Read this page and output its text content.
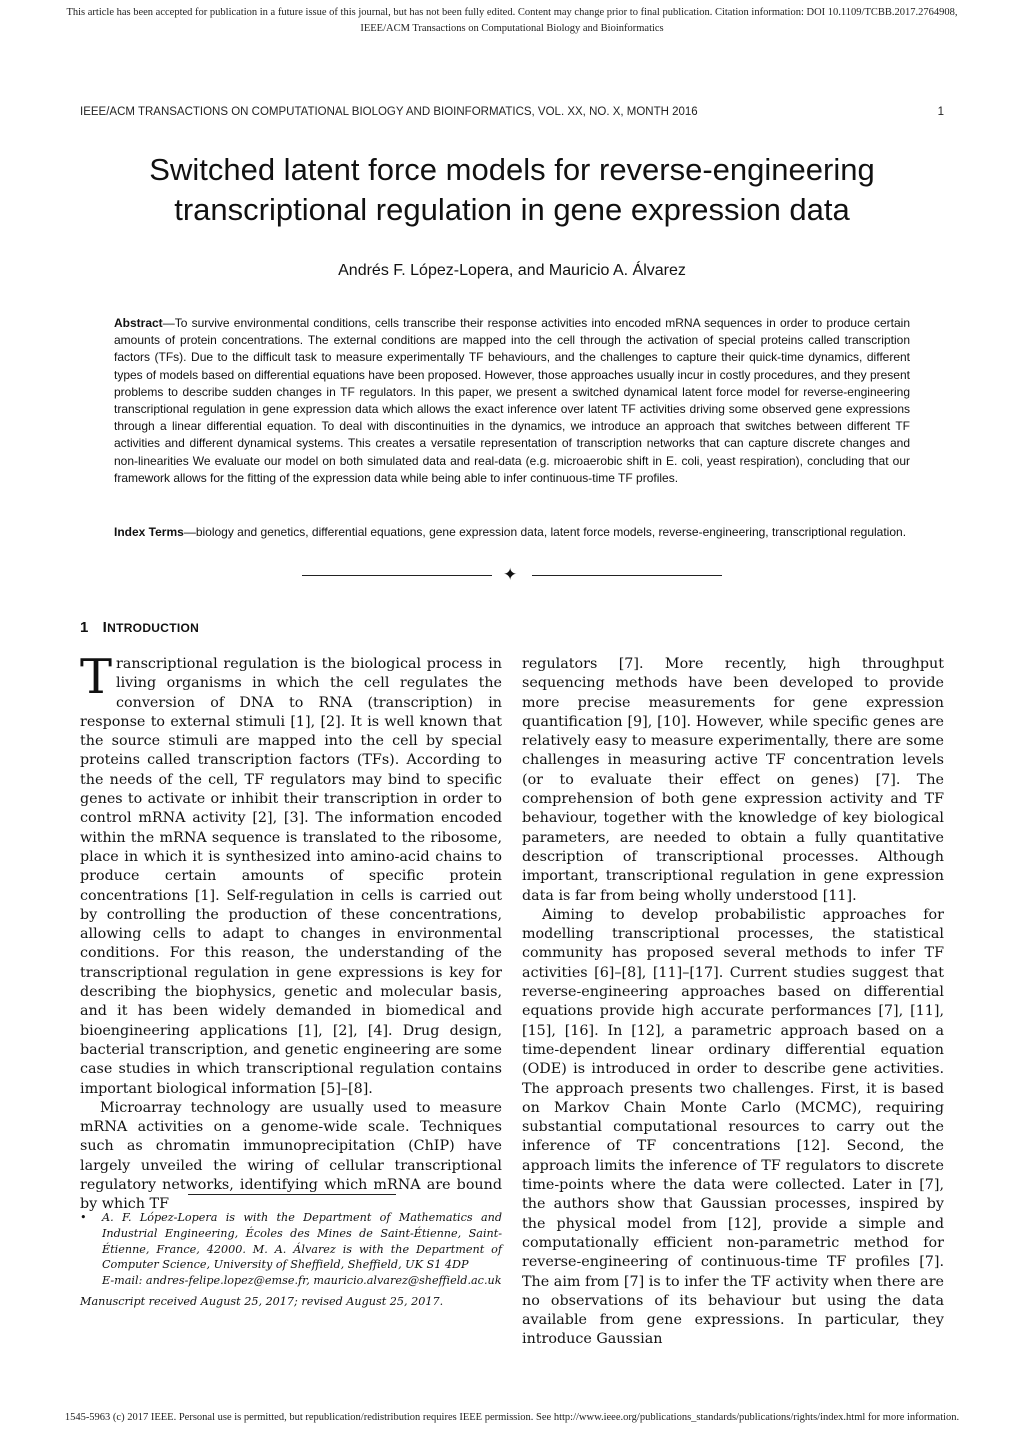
This article has been accepted for publication in a future issue of this journal, but has not been fully edited. Content may change prior to final publication. Citation information: DOI 10.1109/TCBB.2017.2764908,
IEEE/ACM Transactions on Computational Biology and Bioinformatics
IEEE/ACM TRANSACTIONS ON COMPUTATIONAL BIOLOGY AND BIOINFORMATICS, VOL. XX, NO. X, MONTH 2016	1
Switched latent force models for reverse-engineering
transcriptional regulation in gene expression data
Andrés F. López-Lopera, and Mauricio A. Álvarez

Abstract—To survive environmental conditions, cells transcribe their response activities into encoded mRNA sequences in order to produce certain amounts of protein concentrations. The external conditions are mapped into the cell through the activation of special proteins called transcription factors (TFs). Due to the difficult task to measure experimentally TF behaviours, and the challenges to capture their quick-time dynamics, different types of models based on differential equations have been proposed. However, those approaches usually incur in costly procedures, and they present problems to describe sudden changes in TF regulators. In this paper, we present a switched dynamical latent force model for reverse-engineering transcriptional regulation in gene expression data which allows the exact inference over latent TF activities driving some observed gene expressions through a linear differential equation. To deal with discontinuities in the dynamics, we introduce an approach that switches between different TF activities and different dynamical systems. This creates a versatile representation of transcription networks that can capture discrete changes and non-linearities We evaluate our model on both simulated data and real-data (e.g. microaerobic shift in E. coli, yeast respiration), concluding that our framework allows for the fitting of the expression data while being able to infer continuous-time TF profiles.

Index Terms—biology and genetics, differential equations, gene expression data, latent force models, reverse-engineering, transcriptional regulation.

✦
1 INTRODUCTION

Transcriptional regulation is the biological process in living organisms in which the cell regulates the conversion of DNA to RNA (transcription) in response to external stimuli [1], [2]. It is well known that the source stimuli are mapped into the cell by special proteins called transcription factors (TFs). According to the needs of the cell, TF regulators may bind to specific genes to activate or inhibit their transcription in order to control mRNA activity [2], [3]. The information encoded within the mRNA sequence is translated to the ribosome, place in which it is synthesized into amino-acid chains to produce certain amounts of specific protein concentrations [1]. Self-regulation in cells is carried out by controlling the production of these concentrations, allowing cells to adapt to changes in environmental conditions. For this reason, the understanding of the transcriptional regulation in gene expressions is key for describing the biophysics, genetic and molecular basis, and it has been widely demanded in biomedical and bioengineering applications [1], [2], [4]. Drug design, bacterial transcription, and genetic engineering are some case studies in which transcriptional regulation contains important biological information [5]–[8].

Microarray technology are usually used to measure mRNA activities on a genome-wide scale. Techniques such as chromatin immunoprecipitation (ChIP) have largely unveiled the wiring of cellular transcriptional regulatory networks, identifying which mRNA are bound by which TF

regulators [7]. More recently, high throughput sequencing methods have been developed to provide more precise measurements for gene expression quantification [9], [10]. However, while specific genes are relatively easy to measure experimentally, there are some challenges in measuring active TF concentration levels (or to evaluate their effect on genes) [7]. The comprehension of both gene expression activity and TF behaviour, together with the knowledge of key biological parameters, are needed to obtain a fully quantitative description of transcriptional processes. Although important, transcriptional regulation in gene expression data is far from being wholly understood [11].

Aiming to develop probabilistic approaches for modelling transcriptional processes, the statistical community has proposed several methods to infer TF activities [6]–[8], [11]–[17]. Current studies suggest that reverse-engineering approaches based on differential equations provide high accurate performances [7], [11], [15], [16]. In [12], a parametric approach based on a time-dependent linear ordinary differential equation (ODE) is introduced in order to describe gene activities. The approach presents two challenges. First, it is based on Markov Chain Monte Carlo (MCMC), requiring substantial computational resources to carry out the inference of TF concentrations [12]. Second, the approach limits the inference of TF regulators to discrete time-points where the data were collected. Later in [7], the authors show that Gaussian processes, inspired by the physical model from [12], provide a simple and computationally efficient non-parametric method for reverse-engineering of continuous-time TF profiles [7]. The aim from [7] is to infer the TF activity when there are no observations of its behaviour but using the data available from gene expressions. In particular, they introduce Gaussian

• A. F. López-Lopera is with the Department of Mathematics and Industrial Engineering, Écoles des Mines de Saint-Étienne, Saint-Étienne, France, 42000. M. A. Álvarez is with the Department of Computer Science, University of Sheffield, Sheffield, UK S1 4DP
E-mail: andres-felipe.lopez@emse.fr, mauricio.alvarez@sheffield.ac.uk
Manuscript received August 25, 2017; revised August 25, 2017.
1545-5963 (c) 2017 IEEE. Personal use is permitted, but republication/redistribution requires IEEE permission. See http://www.ieee.org/publications_standards/publications/rights/index.html for more information.
